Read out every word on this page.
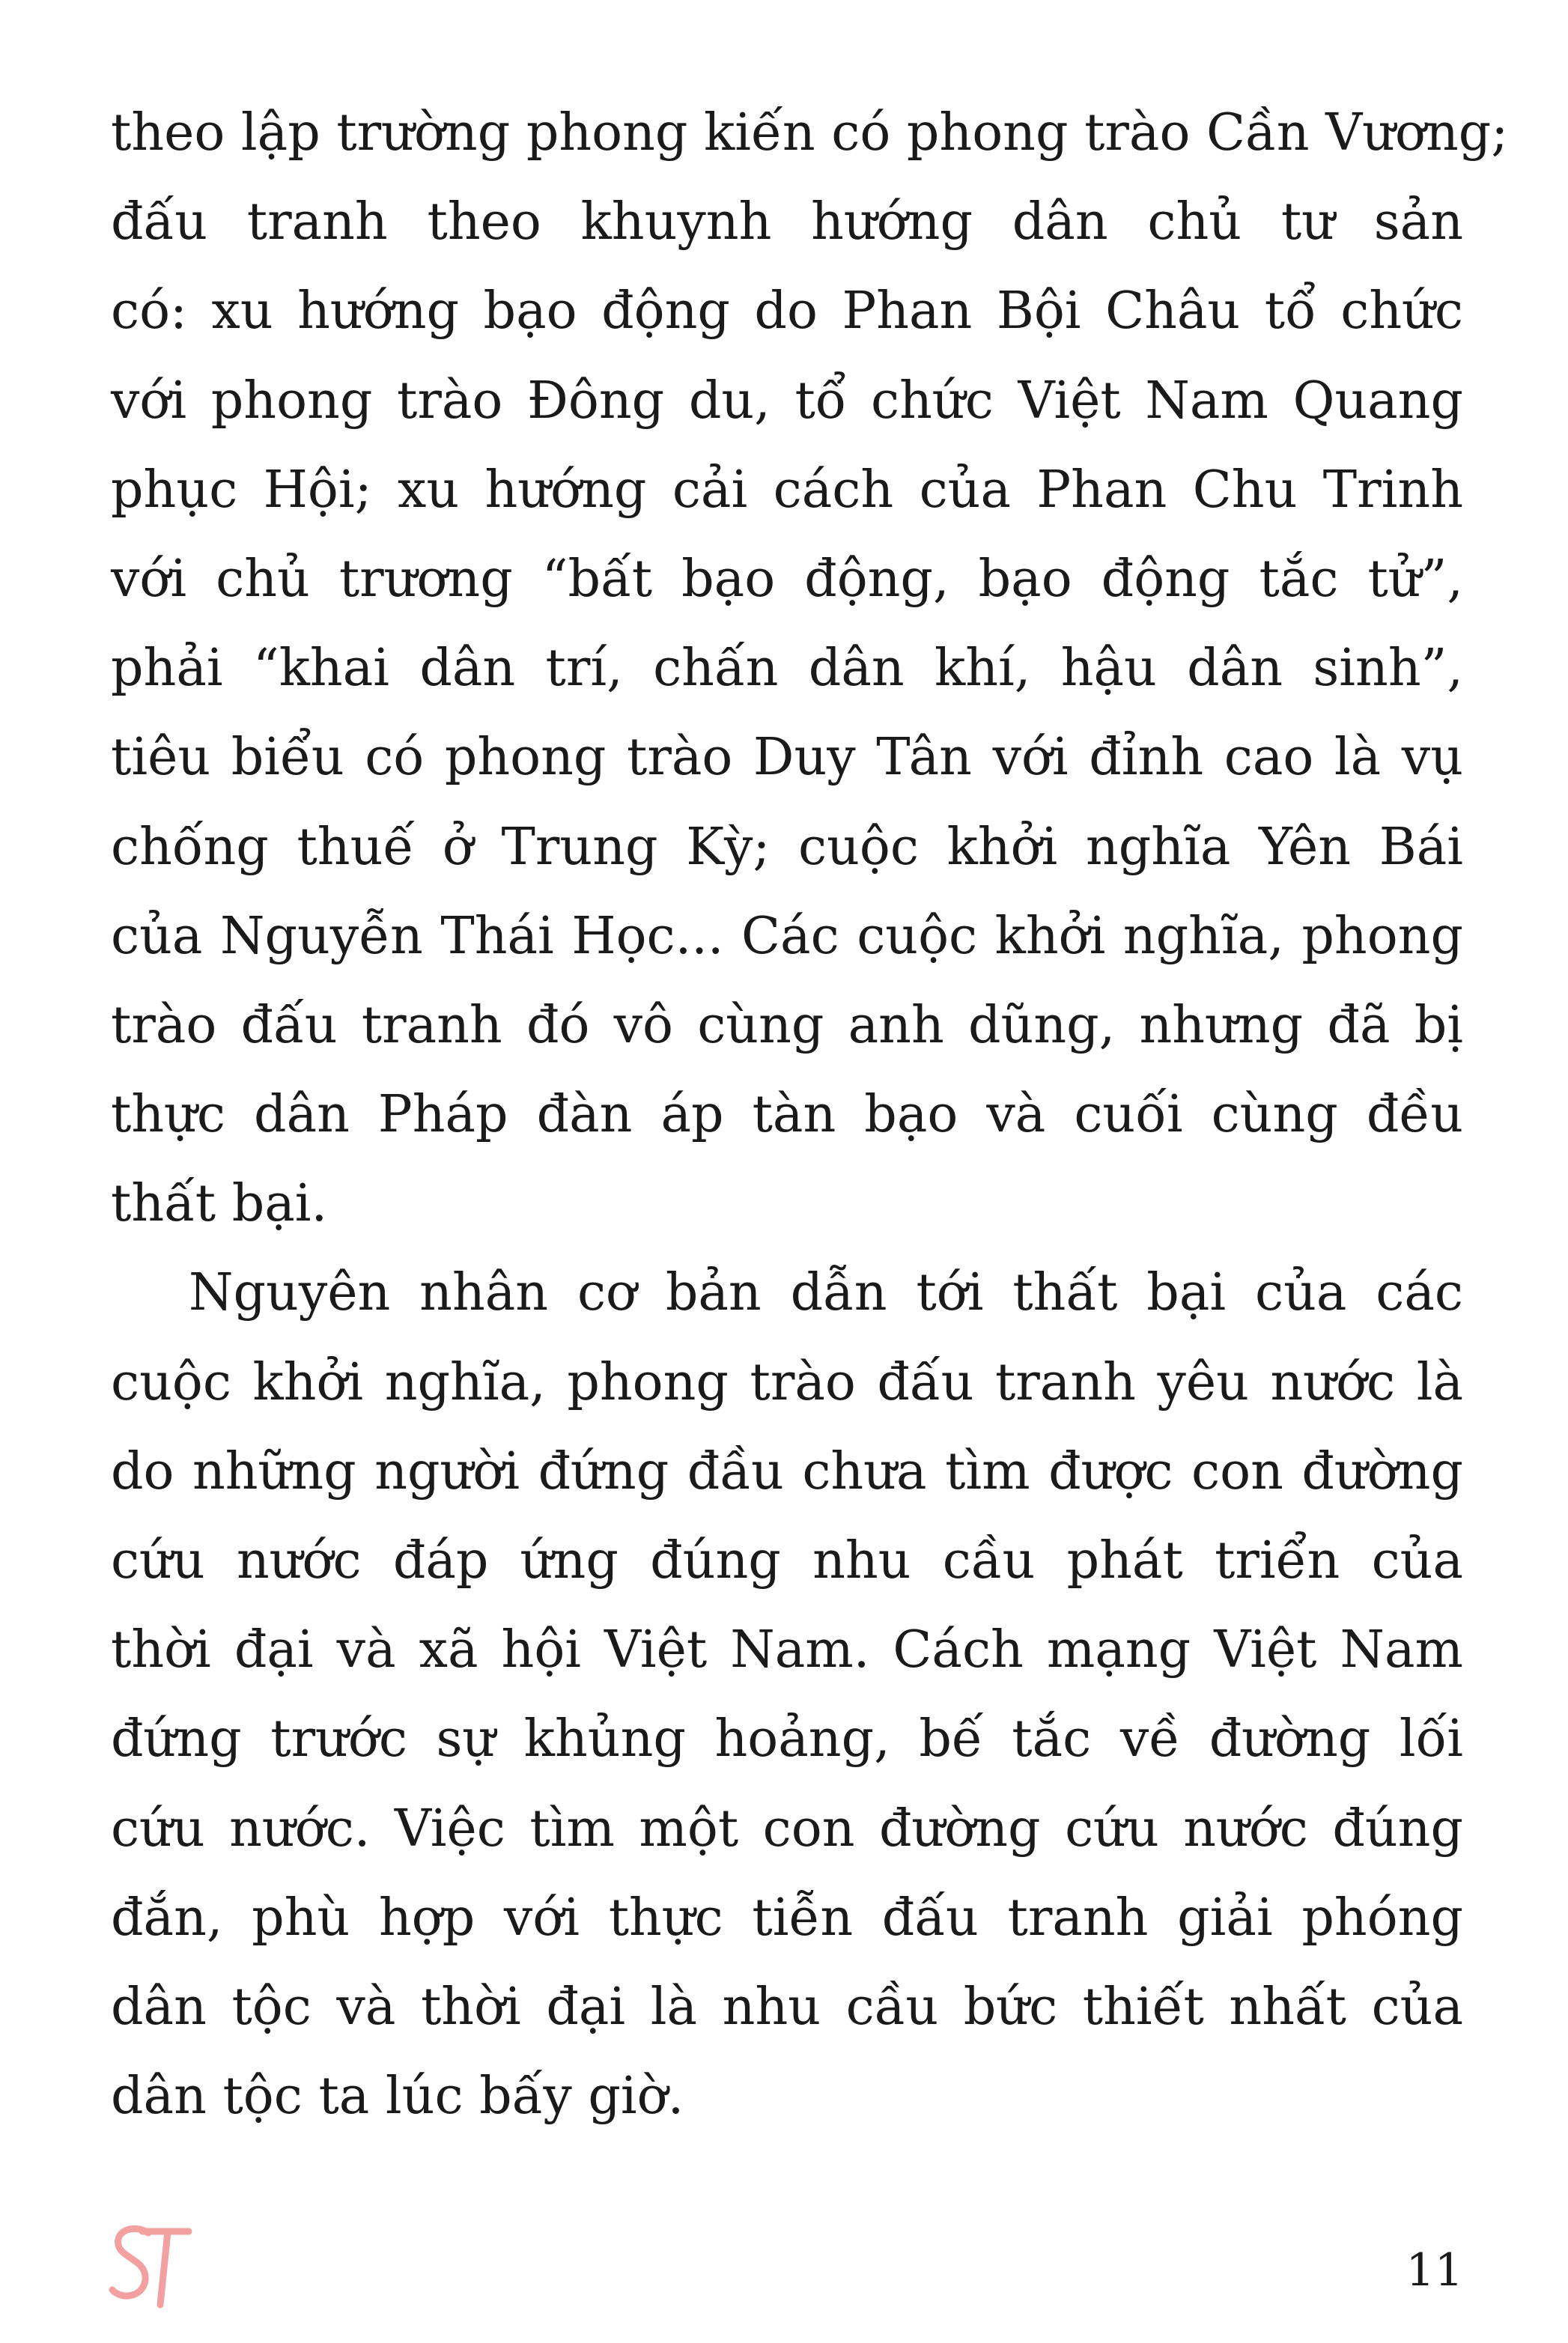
theo lập trường phong kiến có phong trào Cần Vương;
đấu tranh theo khuynh hướng dân chủ tư sản
có: xu hướng bạo động do Phan Bội Châu tổ chức
với phong trào Đông du, tổ chức Việt Nam Quang
phục Hội; xu hướng cải cách của Phan Chu Trinh
với chủ trương “bất bạo động, bạo động tắc tử”,
phải “khai dân trí, chấn dân khí, hậu dân sinh”,
tiêu biểu có phong trào Duy Tân với đỉnh cao là vụ
chống thuế ở Trung Kỳ; cuộc khởi nghĩa Yên Bái
của Nguyễn Thái Học... Các cuộc khởi nghĩa, phong
trào đấu tranh đó vô cùng anh dũng, nhưng đã bị
thực dân Pháp đàn áp tàn bạo và cuối cùng đều
thất bại.
Nguyên nhân cơ bản dẫn tới thất bại của các
cuộc khởi nghĩa, phong trào đấu tranh yêu nước là
do những người đứng đầu chưa tìm được con đường
cứu nước đáp ứng đúng nhu cầu phát triển của
thời đại và xã hội Việt Nam. Cách mạng Việt Nam
đứng trước sự khủng hoảng, bế tắc về đường lối
cứu nước. Việc tìm một con đường cứu nước đúng
đắn, phù hợp với thực tiễn đấu tranh giải phóng
dân tộc và thời đại là nhu cầu bức thiết nhất của
dân tộc ta lúc bấy giờ.
11
